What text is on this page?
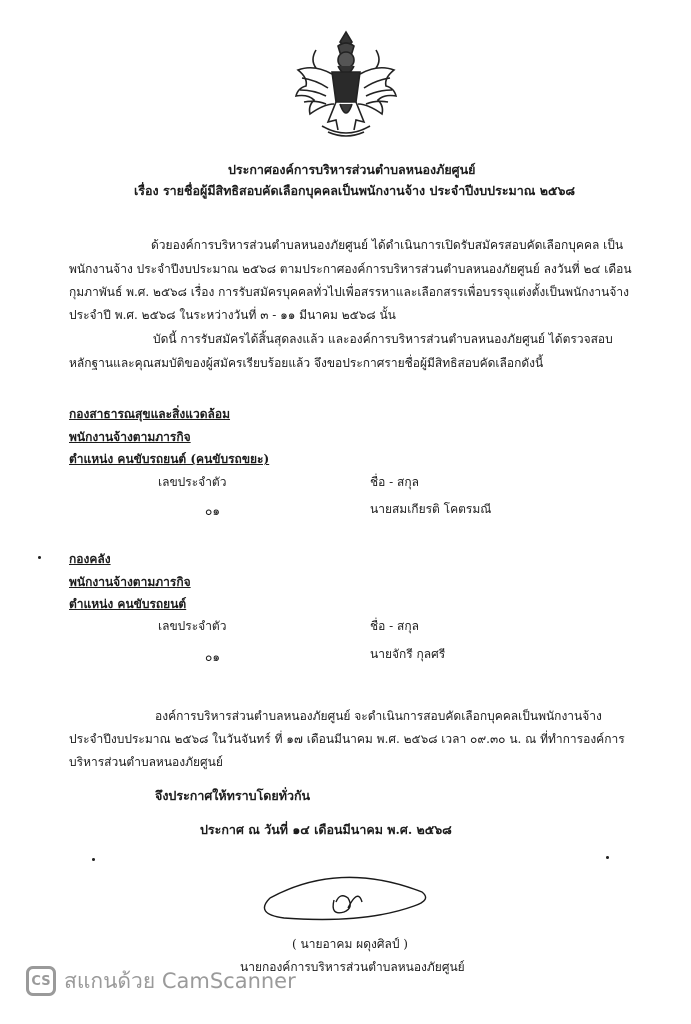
ประกาศองค์การบริหารส่วนตำบลหนองภัยศูนย์
เรื่อง รายชื่อผู้มีสิทธิสอบคัดเลือกบุคคลเป็นพนักงานจ้าง ประจำปีงบประมาณ ๒๕๖๘
ด้วยองค์การบริหารส่วนตำบลหนองภัยศูนย์ ได้ดำเนินการเปิดรับสมัครสอบคัดเลือกบุคคล เป็น
พนักงานจ้าง ประจำปีงบประมาณ ๒๕๖๘ ตามประกาศองค์การบริหารส่วนตำบลหนองภัยศูนย์ ลงวันที่ ๒๔ เดือน
กุมภาพันธ์ พ.ศ. ๒๕๖๘ เรื่อง การรับสมัครบุคคลทั่วไปเพื่อสรรหาและเลือกสรรเพื่อบรรจุแต่งตั้งเป็นพนักงานจ้าง
ประจำปี พ.ศ. ๒๕๖๘ ในระหว่างวันที่ ๓ - ๑๑ มีนาคม ๒๕๖๘ นั้น
บัดนี้ การรับสมัครได้สิ้นสุดลงแล้ว และองค์การบริหารส่วนตำบลหนองภัยศูนย์ ได้ตรวจสอบ
หลักฐานและคุณสมบัติของผู้สมัครเรียบร้อยแล้ว จึงขอประกาศรายชื่อผู้มีสิทธิสอบคัดเลือกดังนี้
กองสาธารณสุขและสิ่งแวดล้อม
พนักงานจ้างตามภารกิจ
ตำแหน่ง คนขับรถยนต์ (คนขับรถขยะ)
เลขประจำตัว	ชื่อ - สกุล
๐๑	นายสมเกียรติ โคตรมณี
กองคลัง
พนักงานจ้างตามภารกิจ
ตำแหน่ง คนขับรถยนต์
เลขประจำตัว	ชื่อ - สกุล
๐๑	นายจักรี กุลศรี
องค์การบริหารส่วนตำบลหนองภัยศูนย์ จะดำเนินการสอบคัดเลือกบุคคลเป็นพนักงานจ้าง
ประจำปีงบประมาณ ๒๕๖๘ ในวันจันทร์ ที่ ๑๗ เดือนมีนาคม พ.ศ. ๒๕๖๘ เวลา ๐๙.๓๐ น. ณ ที่ทำการองค์การ
บริหารส่วนตำบลหนองภัยศูนย์
จึงประกาศให้ทราบโดยทั่วกัน
ประกาศ ณ วันที่ ๑๔ เดือนมีนาคม พ.ศ. ๒๕๖๘
( นายอาคม ผดุงศิลป์ )
นายกองค์การบริหารส่วนตำบลหนองภัยศูนย์
CS สแกนด้วย CamScanner
